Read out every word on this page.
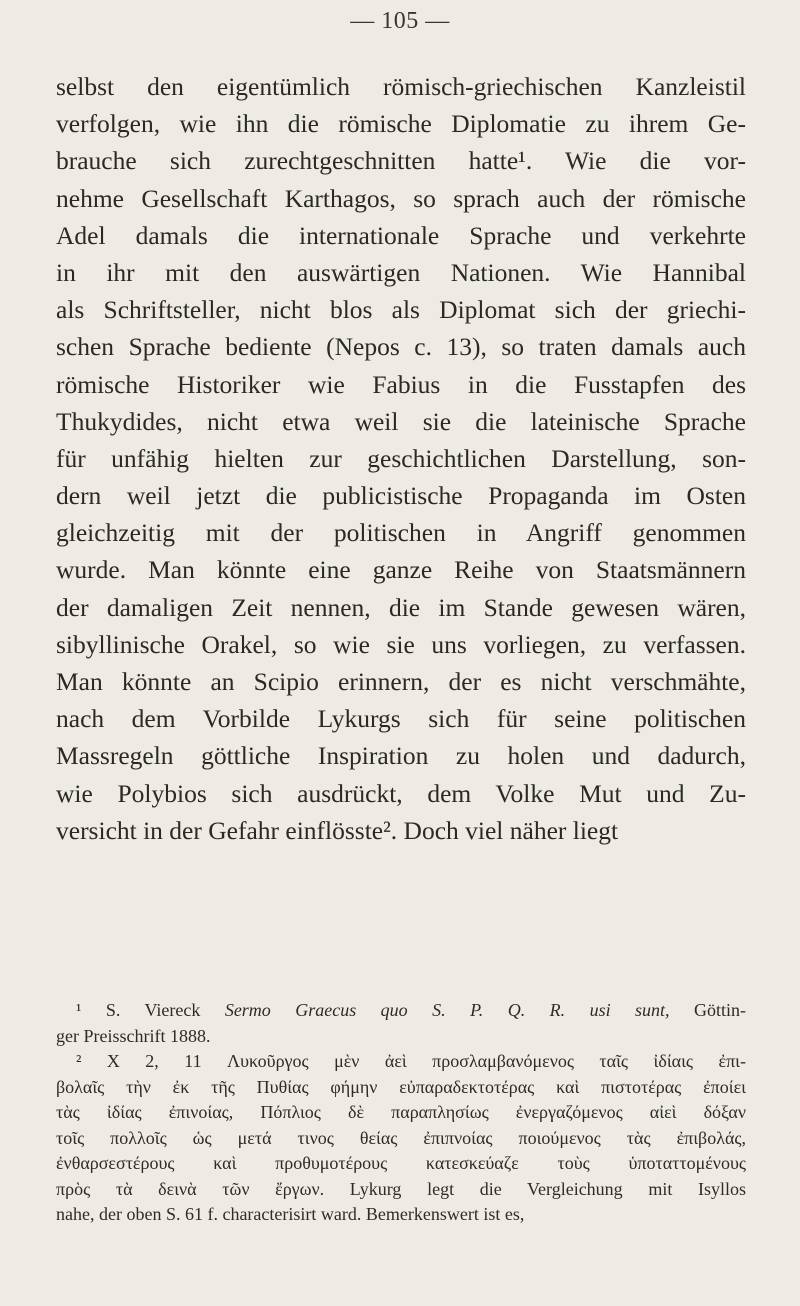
— 105 —
selbst den eigentümlich römisch-griechischen Kanzleistil
verfolgen, wie ihn die römische Diplomatie zu ihrem Ge-
brauche sich zurechtgeschnitten hatte¹. Wie die vor-
nehme Gesellschaft Karthagos, so sprach auch der römische
Adel damals die internationale Sprache und verkehrte
in ihr mit den auswärtigen Nationen. Wie Hannibal
als Schriftsteller, nicht blos als Diplomat sich der griechi-
schen Sprache bediente (Nepos c. 13), so traten damals auch
römische Historiker wie Fabius in die Fusstapfen des
Thukydides, nicht etwa weil sie die lateinische Sprache
für unfähig hielten zur geschichtlichen Darstellung, son-
dern weil jetzt die publicistische Propaganda im Osten
gleichzeitig mit der politischen in Angriff genommen
wurde. Man könnte eine ganze Reihe von Staatsmännern
der damaligen Zeit nennen, die im Stande gewesen wären,
sibyllinische Orakel, so wie sie uns vorliegen, zu verfassen.
Man könnte an Scipio erinnern, der es nicht verschmähte,
nach dem Vorbilde Lykurgs sich für seine politischen
Massregeln göttliche Inspiration zu holen und dadurch,
wie Polybios sich ausdrückt, dem Volke Mut und Zu-
versicht in der Gefahr einflösste². Doch viel näher liegt
¹ S. Viereck Sermo Graecus quo S. P. Q. R. usi sunt, Göttin-
ger Preisschrift 1888.
² X 2, 11 Λυκοῦργος μὲν ἀεὶ προσλαμβανόμενος ταῖς ἰδίαις ἐπι-
βολαῖς τὴν ἐκ τῆς Πυθίας φήμην εὐπαραδεκτοτέρας καὶ πιστοτέρας ἐποίει
τὰς ἰδίας ἐπινοίας, Πόπλιος δὲ παραπλησίως ἐνεργαζόμενος αἰεὶ δόξαν
τοῖς πολλοῖς ὡς μετά τινος θείας ἐπιπνοίας ποιούμενος τὰς ἐπιβολάς,
ἐνθαρσεστέρους καὶ προθυμοτέρους κατεσκεύαζε τοὺς ὑποταττομένους
πρὸς τὰ δεινὰ τῶν ἔργων. Lykurg legt die Vergleichung mit Isyllos
nahe, der oben S. 61 f. characterisirt ward. Bemerkenswert ist es,
